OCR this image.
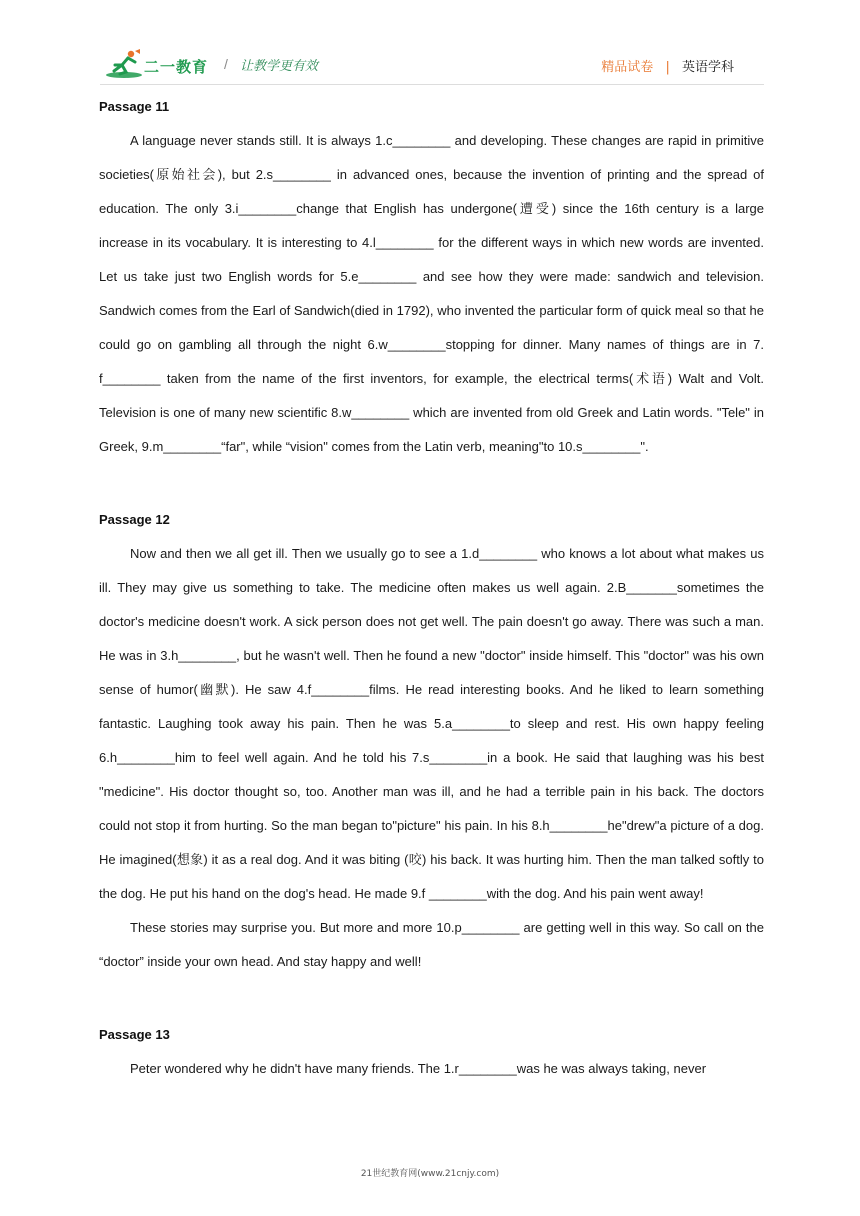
二一教育 / 让教学更有效	精品试卷 | 英语学科
Passage 11

A language never stands still. It is always 1.c________ and developing. These changes are rapid in primitive societies(原始社会), but 2.s________ in advanced ones, because the invention of printing and the spread of education. The only 3.i________change that English has undergone(遭受) since the 16th century is a large increase in its vocabulary. It is interesting to 4.l________ for the different ways in which new words are invented. Let us take just two English words for 5.e________ and see how they were made: sandwich and television. Sandwich comes from the Earl of Sandwich(died in 1792), who invented the particular form of quick meal so that he could go on gambling all through the night 6.w________stopping for dinner. Many names of things are in 7. f________ taken from the name of the first inventors, for example, the electrical terms(术语) Walt and Volt. Television is one of many new scientific 8.w________ which are invented from old Greek and Latin words. "Tele" in Greek, 9.m________“far", while “vision" comes from the Latin verb, meaning"to 10.s________".

Passage 12

Now and then we all get ill. Then we usually go to see a 1.d________ who knows a lot about what makes us ill. They may give us something to take. The medicine often makes us well again. 2.B_______sometimes the doctor's medicine doesn't work. A sick person does not get well. The pain doesn't go away. There was such a man. He was in 3.h________, but he wasn't well. Then he found a new "doctor" inside himself. This "doctor" was his own sense of humor(幽默). He saw 4.f________films. He read interesting books. And he liked to learn something fantastic. Laughing took away his pain. Then he was 5.a________to sleep and rest. His own happy feeling 6.h________him to feel well again. And he told his 7.s________in a book. He said that laughing was his best "medicine". His doctor thought so, too. Another man was ill, and he had a terrible pain in his back. The doctors could not stop it from hurting. So the man began to"picture" his pain. In his 8.h________he"drew"a picture of a dog. He imagined(想象) it as a real dog. And it was biting (咬) his back. It was hurting him. Then the man talked softly to the dog. He put his hand on the dog's head. He made 9.f ________with the dog. And his pain went away!

These stories may surprise you. But more and more 10.p________ are getting well in this way. So call on the “doctor” inside your own head. And stay happy and well!

Passage 13

Peter wondered why he didn't have many friends. The 1.r________was he was always taking, never

21世纪教育网(www.21cnjy.com)
